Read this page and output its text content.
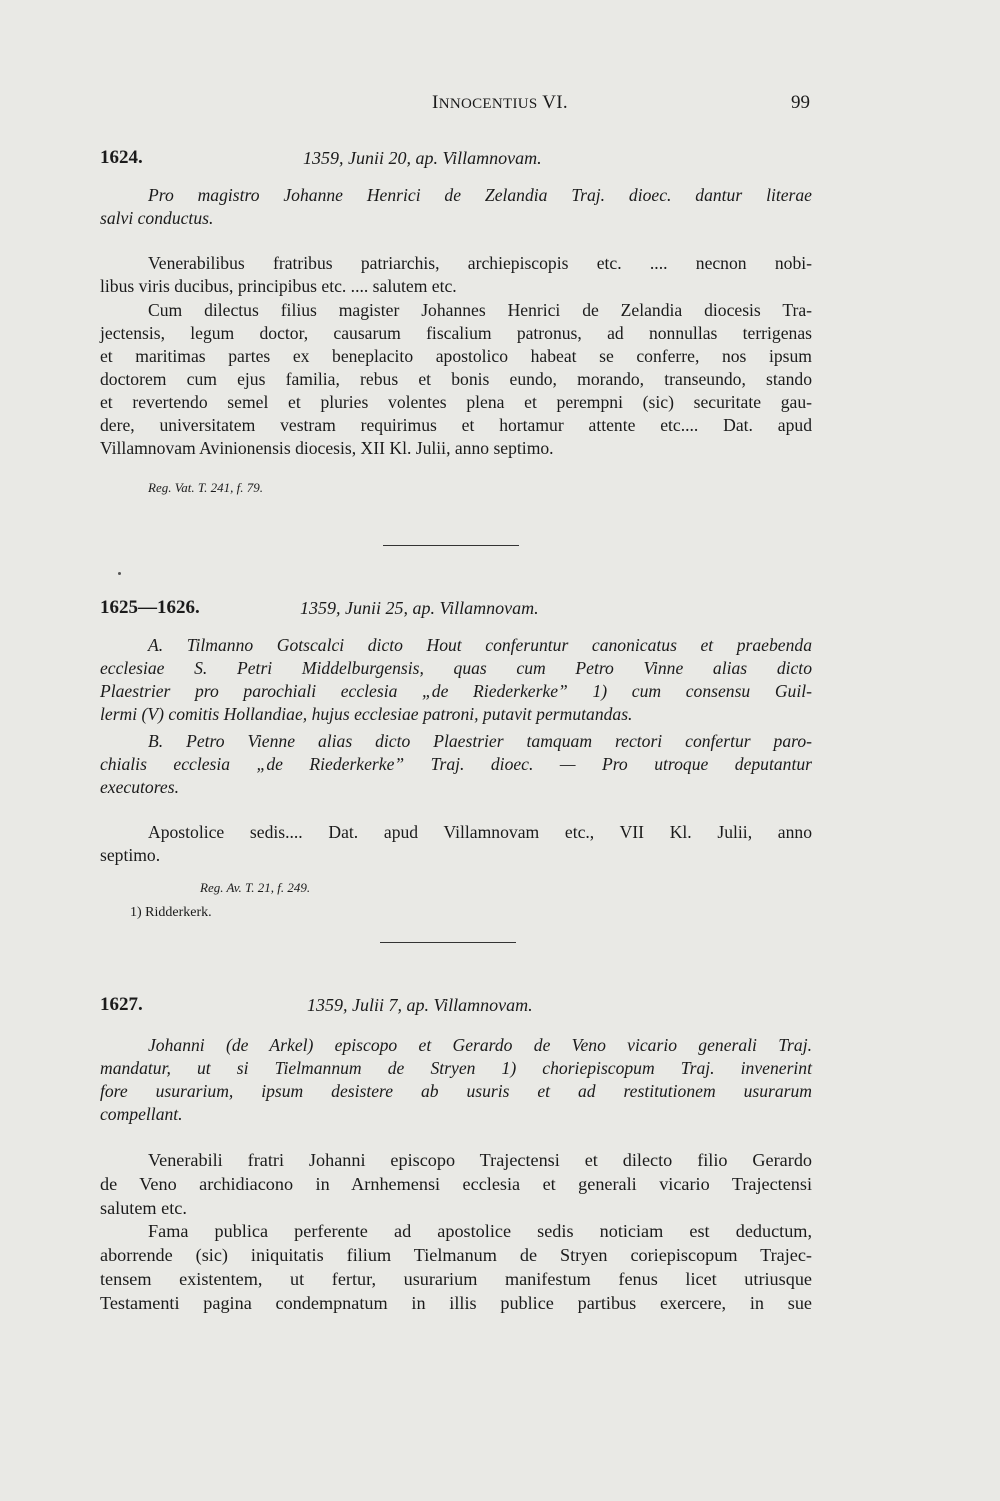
INNOCENTIUS VI.	99
1624.	1359, Junii 20, ap. Villamnovam.
Pro magistro Johanne Henrici de Zelandia Traj. dioec. dantur literae
salvi conductus.
Venerabilibus fratribus patriarchis, archiepiscopis etc. .... necnon nobi-
libus viris ducibus, principibus etc. .... salutem etc.
Cum dilectus filius magister Johannes Henrici de Zelandia diocesis Tra-
jectensis, legum doctor, causarum fiscalium patronus, ad nonnullas terrigenas
et maritimas partes ex beneplacito apostolico habeat se conferre, nos ipsum
doctorem cum ejus familia, rebus et bonis eundo, morando, transeundo, stando
et revertendo semel et pluries volentes plena et perempni (sic) securitate gau-
dere, universitatem vestram requirimus et hortamur attente etc.... Dat. apud
Villamnovam Avinionensis diocesis, XII Kl. Julii, anno septimo.
Reg. Vat. T. 241, f. 79.
1625—1626.	1359, Junii 25, ap. Villamnovam.
A. Tilmanno Gotscalci dicto Hout conferuntur canonicatus et praebenda
ecclesiae S. Petri Middelburgensis, quas cum Petro Vinne alias dicto
Plaestrier pro parochiali ecclesia „de Riederkerke” 1) cum consensu Guil-
lermi (V) comitis Hollandiae, hujus ecclesiae patroni, putavit permutandas.
B. Petro Vienne alias dicto Plaestrier tamquam rectori confertur paro-
chialis ecclesia „de Riederkerke” Traj. dioec. — Pro utroque deputantur
executores.
Apostolice sedis.... Dat. apud Villamnovam etc., VII Kl. Julii, anno
septimo.
Reg. Av. T. 21, f. 249.
1) Ridderkerk.
1627.	1359, Julii 7, ap. Villamnovam.
Johanni (de Arkel) episcopo et Gerardo de Veno vicario generali Traj.
mandatur, ut si Tielmannum de Stryen 1) choriepiscopum Traj. invenerint
fore usurarium, ipsum desistere ab usuris et ad restitutionem usurarum
compellant.
Venerabili fratri Johanni episcopo Trajectensi et dilecto filio Gerardo
de Veno archidiacono in Arnhemensi ecclesia et generali vicario Trajectensi
salutem etc.
Fama publica perferente ad apostolice sedis noticiam est deductum,
aborrende (sic) iniquitatis filium Tielmanum de Stryen coriepiscopum Trajec-
tensem existentem, ut fertur, usurarium manifestum fenus licet utriusque
Testamenti pagina condempnatum in illis publice partibus exercere, in sue
